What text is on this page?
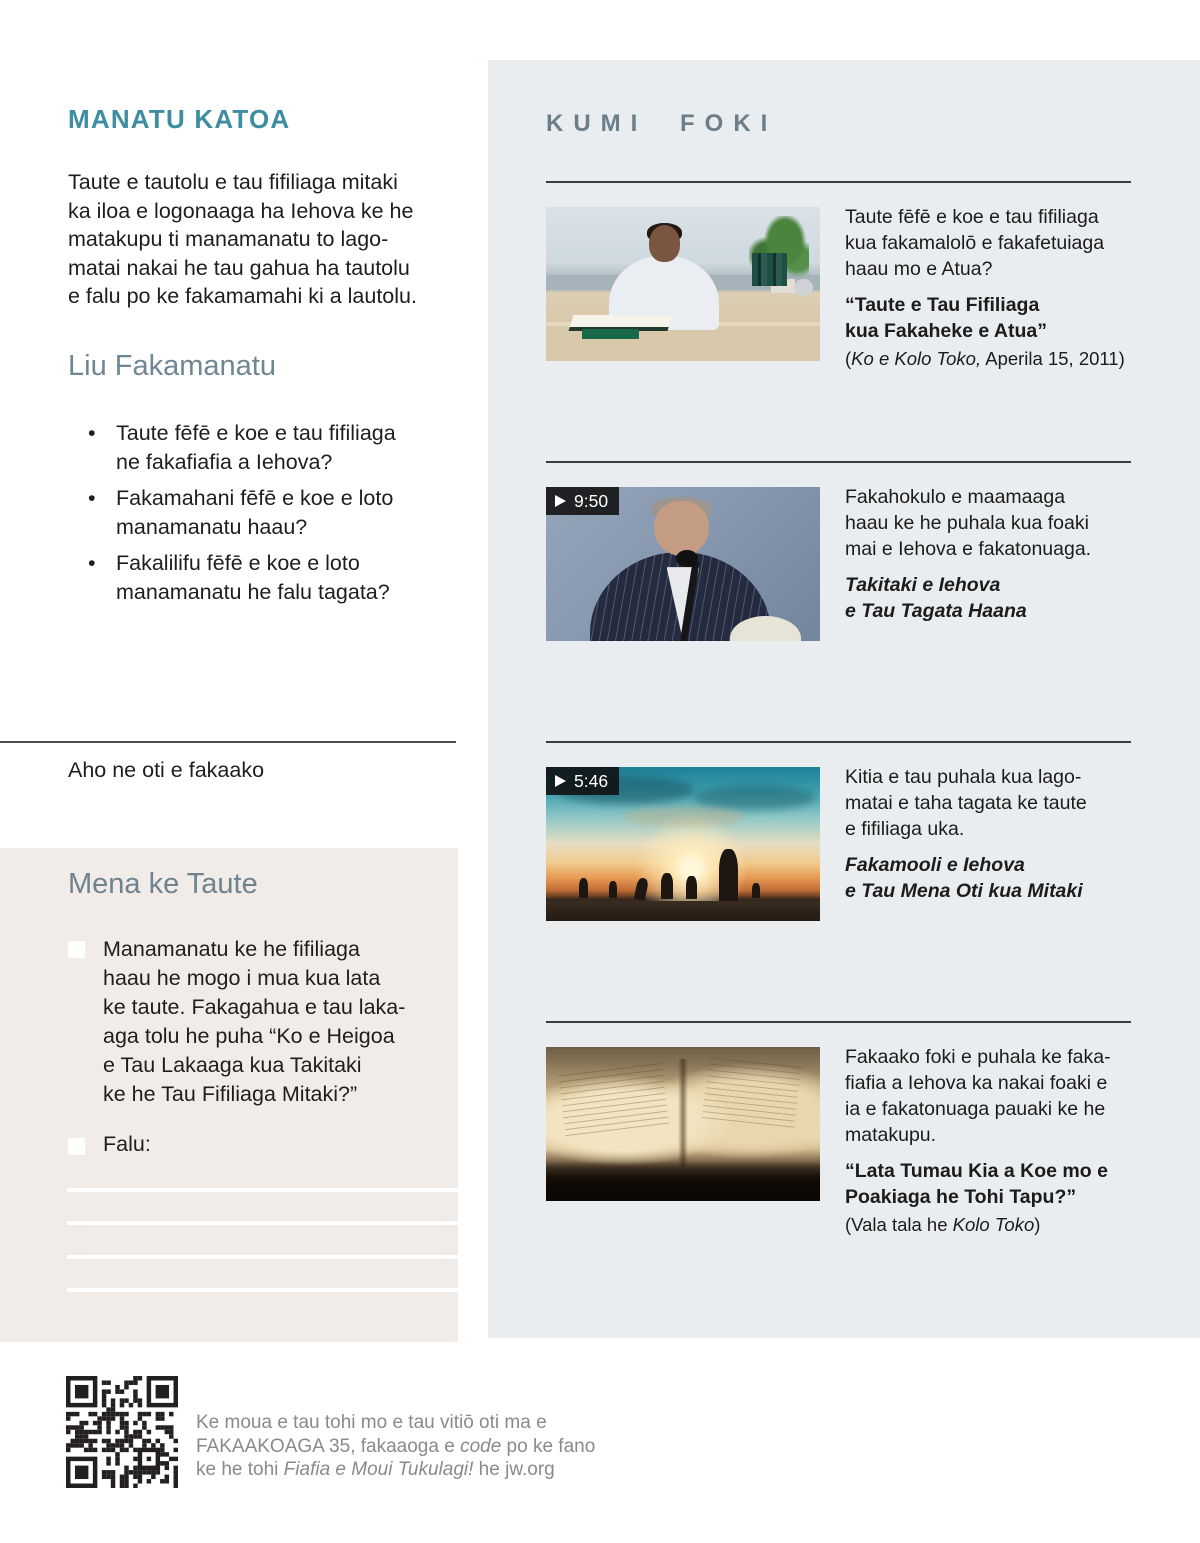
MANATU KATOA
Taute e tautolu e tau fifiliaga mitaki
ka iloa e logonaaga ha Iehova ke he
matakupu ti manamanatu to lago-
matai nakai he tau gahua ha tautolu
e falu po ke fakamamahi ki a lautolu.
Liu Fakamanatu
• Taute fēfē e koe e tau fifiliaga
ne fakafiafia a Iehova?
• Fakamahani fēfē e koe e loto
manamanatu haau?
• Fakalilifu fēfē e koe e loto
manamanatu he falu tagata?
Aho ne oti e fakaako
Mena ke Taute
Manamanatu ke he fifiliaga
haau he mogo i mua kua lata
ke taute. Fakagahua e tau laka-
aga tolu he puha “Ko e Heigoa
e Tau Lakaaga kua Takitaki
ke he Tau Fifiliaga Mitaki?”
Falu:
Ke moua e tau tohi mo e tau vitiō oti ma e
FAKAAKOAGA 35, fakaaoga e code po ke fano
ke he tohi Fiafia e Moui Tukulagi! he jw.org
KUMI FOKI
Taute fēfē e koe e tau fifiliaga
kua fakamalolō e fakafetuiaga
haau mo e Atua?
“Taute e Tau Fifiliaga
kua Fakaheke e Atua”
(Ko e Kolo Toko, Aperila 15, 2011)
9:50	Fakahokulo e maamaaga
haau ke he puhala kua foaki
mai e Iehova e fakatonuaga.
Takitaki e Iehova
e Tau Tagata Haana
5:46	Kitia e tau puhala kua lago-
matai e taha tagata ke taute
e fifiliaga uka.
Fakamooli e Iehova
e Tau Mena Oti kua Mitaki
Fakaako foki e puhala ke faka-
fiafia a Iehova ka nakai foaki e
ia e fakatonuaga pauaki ke he
matakupu.
“Lata Tumau Kia a Koe mo e
Poakiaga he Tohi Tapu?”
(Vala tala he Kolo Toko)
